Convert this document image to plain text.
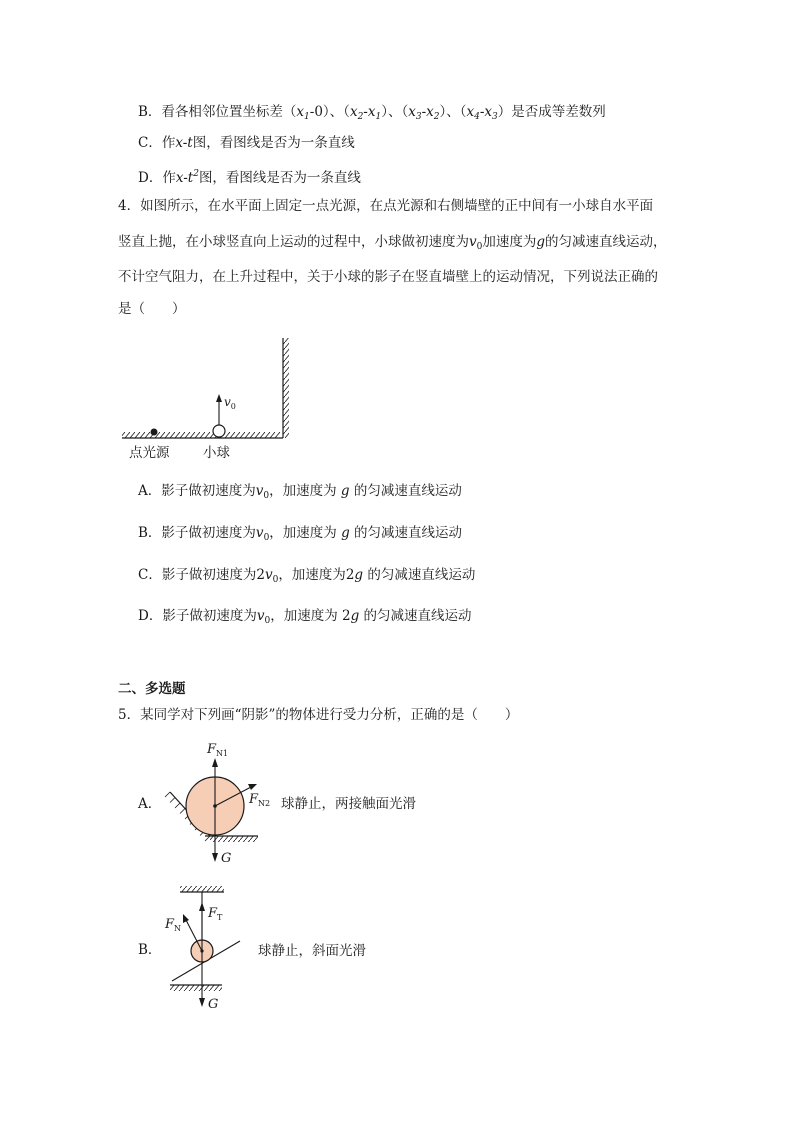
B．看各相邻位置坐标差$(x_1-0)$、$(x_2-x_1)$、$(x_3-x_2)$、$(x_4-x_3)$是否成等差数列
C．作x-t图，看图线是否为一条直线
D．作$x-t^2$图，看图线是否为一条直线
4．如图所示，在水平面上固定一点光源，在点光源和右侧墙壁的正中间有一小球自水平面
竖直上抛，在小球竖直向上运动的过程中，小球做初速度为$v_0$加速度为g的匀减速直线运动，
不计空气阻力，在上升过程中，关于小球的影子在竖直墙壁上的运动情况，下列说法正确的
是（　　）
$v_0$
点光源 小球
A．影子做初速度为$v_0$，加速度为 g 的匀减速直线运动
B．影子做初速度为$v_0$，加速度为 g 的匀减速直线运动
C．影子做初速度为$2v_0$，加速度为2g 的匀减速直线运动
D．影子做初速度为$v_0$，加速度为 2g 的匀减速直线运动
二、多选题
5．某同学对下列画“阴影”的物体进行受力分析，正确的是（　　）
A．
$F_{N1}$
$F_{N2}$
G
球静止，两接触面光滑
B．
$F_T$
$F_N$
G
球静止，斜面光滑
